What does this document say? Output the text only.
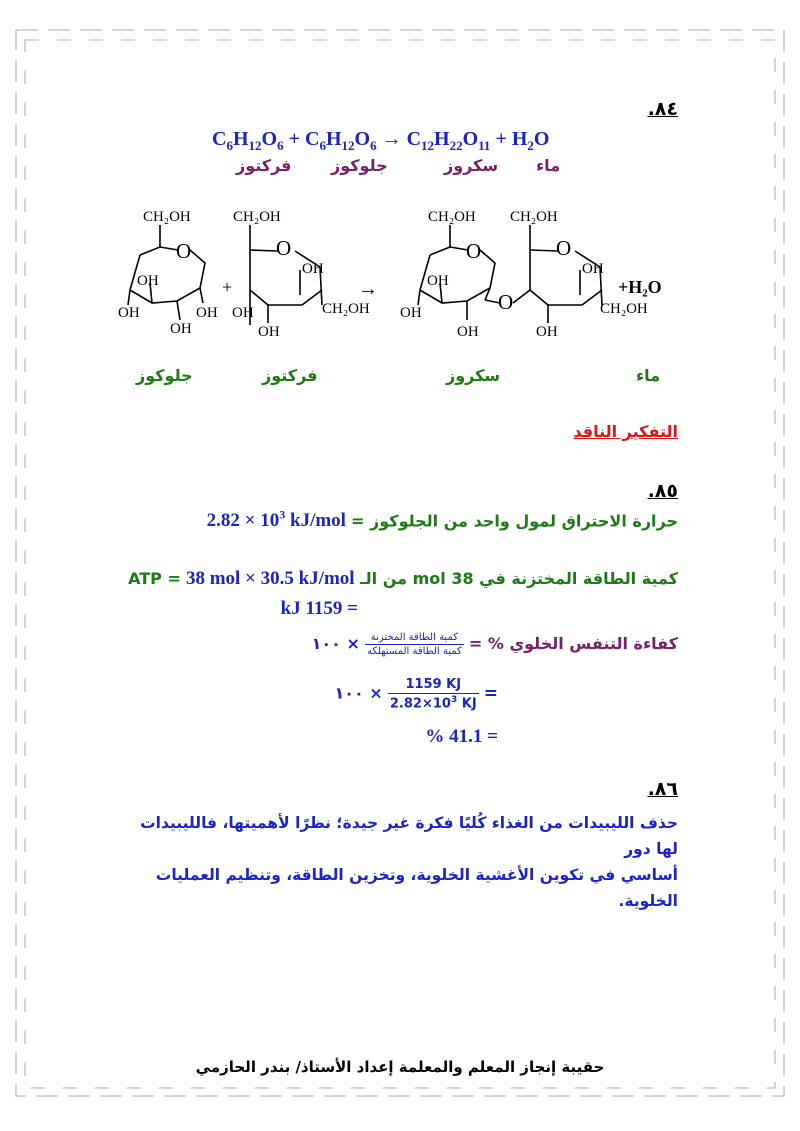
.٨٤
$C_6H_{12}O_6 + C_6H_{12}O_6 \to C_{12}H_{22}O_{11} + H_2O$
ماء
سكروز
جلوكوز
فركتوز
CH₂OH
O
OH
OH
OH
OH
+
CH₂OH
O
OH
OH
OH
CH₂OH
→
CH₂OH
O
OH
OH
OH
O
CH₂OH
O
OH
OH
CH₂OH
+H₂O
جلوكوز	فركتوز	سكروز	ماء
التفكير الناقد
.٨٥
حرارة الاحتراق لمول واحد من الجلوكوز = $2.82 \times 10^3$ kJ/mol
كمية الطاقة المختزنة في 38 mol من الـ ATP = 38 mol × 30.5 kJ/mol
= 1159 kJ
كفاءة التنفس الخلوي % =
$\frac{\text{كمية الطاقة المختزنة}}{\text{كمية الطاقة المستهلكه}}$
× ١٠٠
=
$\frac{1159 KJ}{2.82\times 10^3 KJ}$
× ١٠٠
= 41.1 %
.٨٦
حذف الليبيدات من الغذاء كُليًا فكرة غير جيدة؛ نظرًا لأهميتها، فالليبيدات لها دور
أساسي في تكوين الأغشية الخلوية، وتخزين الطاقة، وتنظيم العمليات الخلوية.
حقيبة إنجاز المعلم والمعلمة إعداد الأستاذ/ بندر الحازمي
